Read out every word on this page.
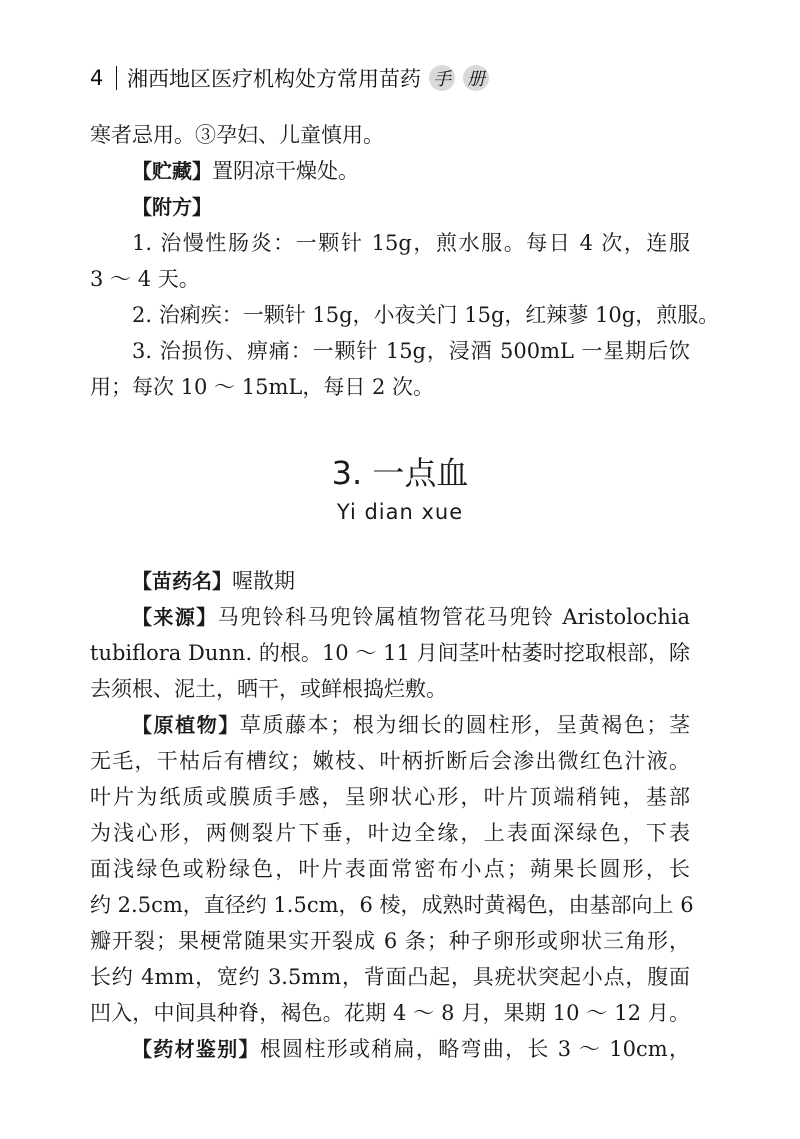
4	湘西地区医疗机构处方常用苗药 手 册
寒者忌用。③孕妇、儿童慎用。
【贮藏】置阴凉干燥处。
【附方】
1. 治慢性肠炎：一颗针 15g，煎水服。每日 4 次，连服
3 ～ 4 天。
2. 治痢疾：一颗针 15g，小夜关门 15g，红辣蓼 10g，煎服。
3. 治损伤、痹痛：一颗针 15g，浸酒 500mL 一星期后饮
用；每次 10 ～ 15mL，每日 2 次。
3. 一点血
Yi dian xue
【苗药名】喔散期
【来源】马兜铃科马兜铃属植物管花马兜铃 Aristolochia
tubiflora Dunn. 的根。10 ～ 11 月间茎叶枯萎时挖取根部，除
去须根、泥土，晒干，或鲜根捣烂敷。
【原植物】草质藤本；根为细长的圆柱形，呈黄褐色；茎
无毛，干枯后有槽纹；嫩枝、叶柄折断后会渗出微红色汁液。
叶片为纸质或膜质手感，呈卵状心形，叶片顶端稍钝，基部
为浅心形，两侧裂片下垂，叶边全缘，上表面深绿色，下表
面浅绿色或粉绿色，叶片表面常密布小点；蒴果长圆形，长
约 2.5cm，直径约 1.5cm，6 棱，成熟时黄褐色，由基部向上 6
瓣开裂；果梗常随果实开裂成 6 条；种子卵形或卵状三角形，
长约 4mm，宽约 3.5mm，背面凸起，具疣状突起小点，腹面
凹入，中间具种脊，褐色。花期 4 ～ 8 月，果期 10 ～ 12 月。
【药材鉴别】根圆柱形或稍扁，略弯曲，长 3 ～ 10cm，
